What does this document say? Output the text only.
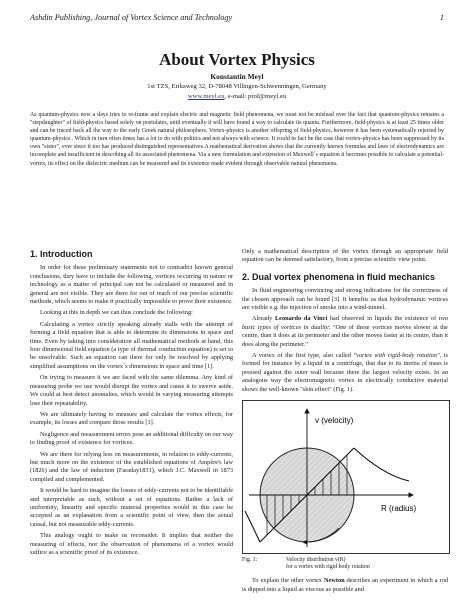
Ashdin Publishing, Journal of Vortex Science and Technology	1
About Vortex Physics
Konstantin Meyl
1st TZS, Erikaweg 32, D-78048 Villingen-Schwenningen, Germany
www.meyl.eu, e-mail: prof@meyl.eu

As quantum-physics now a days tries to re-frame and explain electric and magnetic field phenomena, we must not be mislead over the fact that quantum-physics remains a "stepdaughter" of field-physics based solely on postulates, until eventually it will have found a way to calculate its quanta. Furthermore, field-physics is at least 25 times older and can be traced back all the way to the early Greek natural philosophers. Vortex-physics is another offspring of field-physics, however it has been systematically rejected by quantum-physics . Which in turn often times has a lot to do with politics and not always with science. It could in fact be the case that vortex-physics has been suppressed by its own "sister", ever since it too has produced distinguished representatives.A mathematical derivation shows that the currently known formulas and laws of electrodynamics are incomplete and insufficient in describing all its associated phenomena. Via a new formulation and extension of Maxwell´s equation it becomes possible to calculate a potential-vortex, its effect on the dielectric medium can be measured and its existence made evident through observable natural phenomena.

1. Introduction

In order for these preliminary statements not to contradict known general conclusions, they have to include the following, vortices occurring in nature or technology as a matter of principal can not be calculated or measured and in general are not visible. They are there for out of reach of our precise scientific methods, which seems to make it practically impossible to prove their existence.

Looking at this in depth we can thus conclude the following:

Calculating a vortex strictly speaking already stalls with the attempt of forming a field equation that is able to determine its dimensions in space and time. Even by taking into consideration all mathematical methods at hand, this four dimensional field equation (a type of thermal conduction equation) is set to be unsolvable. Such an equation can there for only be resolved by applying simplified assumptions on the vortex´s dimensions in space and time [1].

On trying to measure it we are faced with the same dilemma. Any kind of measuring probe we use would disrupt the vortex and cause it to swerve aside. We could at best detect anomalies, which would in varying measuring attempts lose their repeatability.

We are ultimately having to measure and calculate the vortex effects, for example, its losses and compare those results [1].

Negligence and measurement errors pose an additional difficulty on our way to finding proof of existence for vortices.

We are there for relying less on measurements, in relation to eddy-currents, but much more on the existence of the established equations of Ampère's law (1826) and the law of induction (Faraday1831), which J.C. Maxwell in 1873 compiled and complemented.

It would be hard to imagine the losses of eddy-currents not to be identifiable and interpretable as such, without a set of equations. Rather a lack of uniformity, linearity and specific material properties would in this case be accepted as an explanation from a scientific point of view, then the actual causal, but not measurable eddy-currents.

This analogy ought to make us reconsider. It implies that neither the measuring of effects, nor the observation of phenomena of a vortex would suffice as a scientific proof of its existence.

Only a mathematical description of the vortex through an appropriate field equation can be deemed satisfactory, from a precise scientific view point.

2. Dual vortex phenomena in fluid mechanics

In fluid engineering convincing and strong indications for the correctness of the chosen approach can be found [3]. It benefits us that hydrodynamic vortices are visible e.g. the injection of smoke into a wind-tunnel.

Already Leonardo da Vinci had observed in liquids the existence of two basic types of vortices in duality: "One of these vortices moves slower at the centre, than it does at its perimeter and the other moves faster at its centre, than it does along the perimeter."

A vortex of the first type, also called "vortex with rigid-body rotation", is formed for instance by a liquid in a centrifuge, that due to its inertia of mass is pressed against the outer wall because there the largest velocity exists. In an analogous way the electromagnetic vortex in electrically conductive material shows the well-known "skin effect" (Fig. 1).

v (velocity)
R (radius)
Fig. 1:	Velocity distribution v(R)
for a vortex with rigid body rotation

To explain the other vortex Newton describes an experiment in which a rod is dipped into a liquid as viscous as possible and
